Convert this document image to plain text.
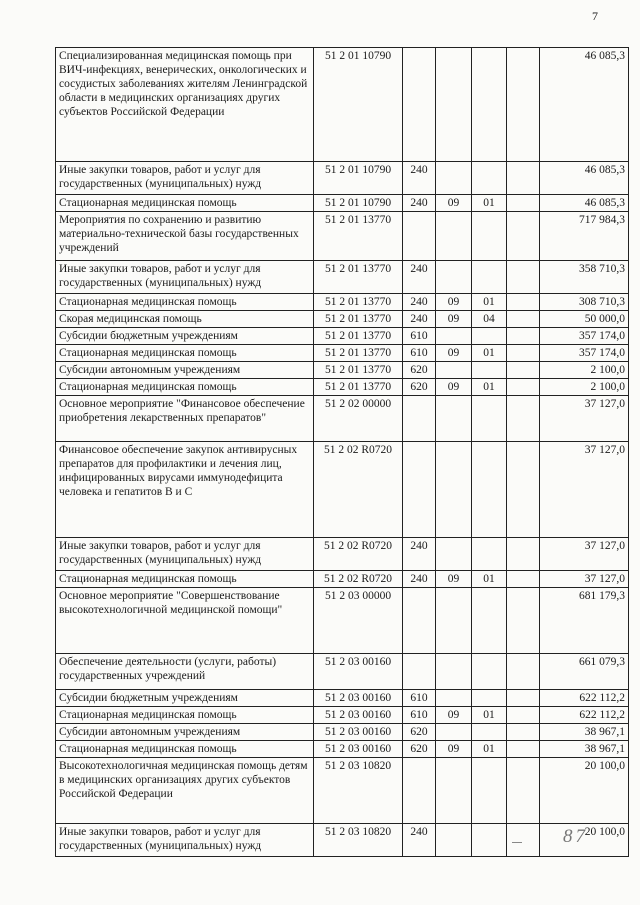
7
Специализированная медицинская помощь при ВИЧ-инфекциях, венерических, онкологических и сосудистых заболеваниях жителям Ленинградской области в медицинских организациях других субъектов Российской Федерации	51 2 01 10790					46 085,3
Иные закупки товаров, работ и услуг для государственных (муниципальных) нужд	51 2 01 10790	240				46 085,3
Стационарная медицинская помощь	51 2 01 10790	240	09	01		46 085,3
Мероприятия по сохранению и развитию материально-технической базы государственных учреждений	51 2 01 13770					717 984,3
Иные закупки товаров, работ и услуг для государственных (муниципальных) нужд	51 2 01 13770	240				358 710,3
Стационарная медицинская помощь	51 2 01 13770	240	09	01		308 710,3
Скорая медицинская помощь	51 2 01 13770	240	09	04		50 000,0
Субсидии бюджетным учреждениям	51 2 01 13770	610				357 174,0
Стационарная медицинская помощь	51 2 01 13770	610	09	01		357 174,0
Субсидии автономным учреждениям	51 2 01 13770	620				2 100,0
Стационарная медицинская помощь	51 2 01 13770	620	09	01		2 100,0
Основное мероприятие "Финансовое обеспечение приобретения лекарственных препаратов"	51 2 02 00000					37 127,0
Финансовое обеспечение закупок антивирусных препаратов для профилактики и лечения лиц, инфицированных вирусами иммунодефицита человека и гепатитов В и С	51 2 02 R0720					37 127,0
Иные закупки товаров, работ и услуг для государственных (муниципальных) нужд	51 2 02 R0720	240				37 127,0
Стационарная медицинская помощь	51 2 02 R0720	240	09	01		37 127,0
Основное мероприятие "Совершенствование высокотехнологичной медицинской помощи"	51 2 03 00000					681 179,3
Обеспечение деятельности (услуги, работы) государственных учреждений	51 2 03 00160					661 079,3
Субсидии бюджетным учреждениям	51 2 03 00160	610				622 112,2
Стационарная медицинская помощь	51 2 03 00160	610	09	01		622 112,2
Субсидии автономным учреждениям	51 2 03 00160	620				38 967,1
Стационарная медицинская помощь	51 2 03 00160	620	09	01		38 967,1
Высокотехнологичная медицинская помощь детям в медицинских организациях других субъектов Российской Федерации	51 2 03 10820					20 100,0
Иные закупки товаров, работ и услуг для государственных (муниципальных) нужд	51 2 03 10820	240				20 100,0
87
